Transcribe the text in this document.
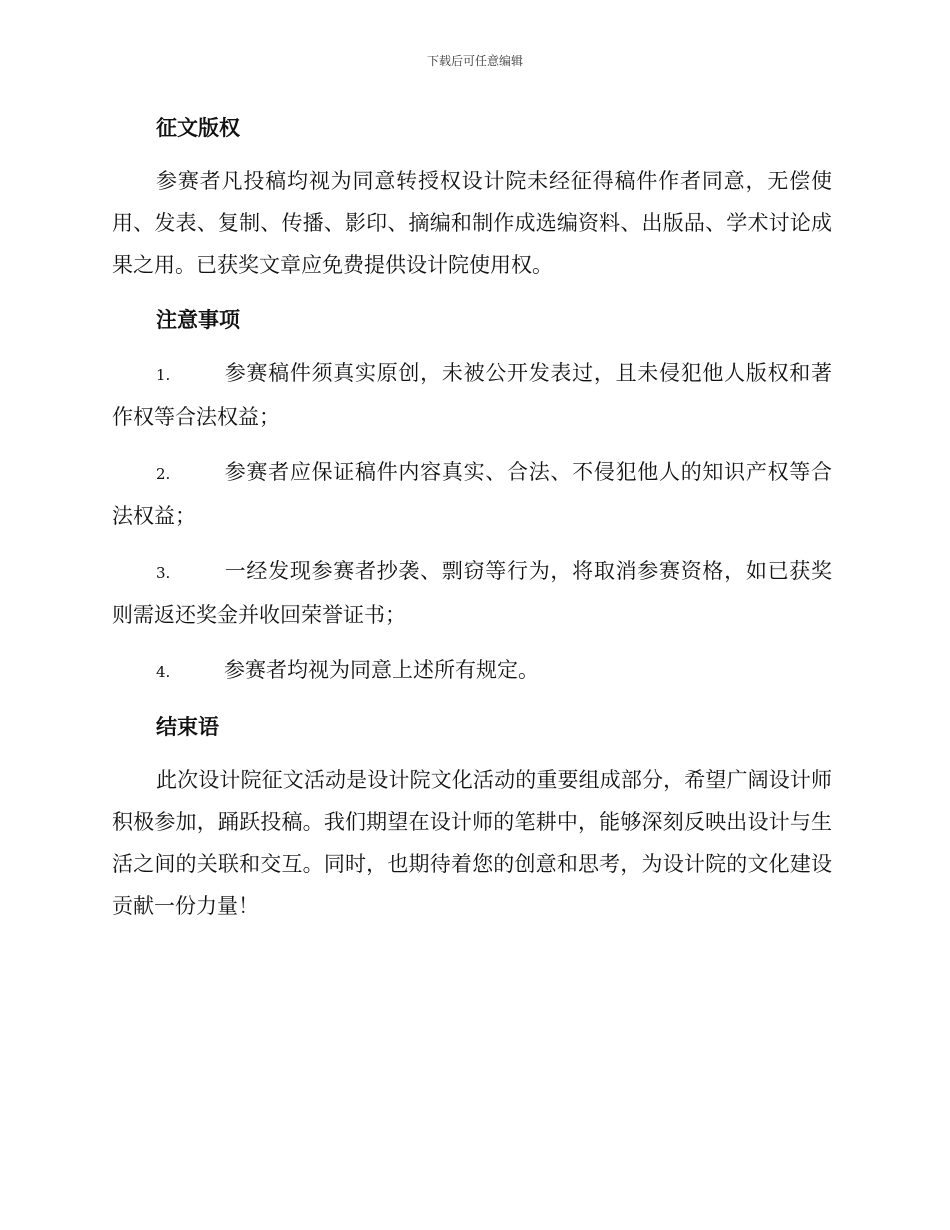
下载后可任意编辑
征文版权

参赛者凡投稿均视为同意转授权设计院未经征得稿件作者同意，无偿使用、发表、复制、传播、影印、摘编和制作成选编资料、出版品、学术讨论成果之用。已获奖文章应免费提供设计院使用权。

注意事项

1.	参赛稿件须真实原创，未被公开发表过，且未侵犯他人版权和著作权等合法权益；

2.	参赛者应保证稿件内容真实、合法、不侵犯他人的知识产权等合法权益；

3.	一经发现参赛者抄袭、剽窃等行为，将取消参赛资格，如已获奖则需返还奖金并收回荣誉证书；

4.	参赛者均视为同意上述所有规定。

结束语

此次设计院征文活动是设计院文化活动的重要组成部分，希望广阔设计师积极参加，踊跃投稿。我们期望在设计师的笔耕中，能够深刻反映出设计与生活之间的关联和交互。同时，也期待着您的创意和思考，为设计院的文化建设贡献一份力量！
